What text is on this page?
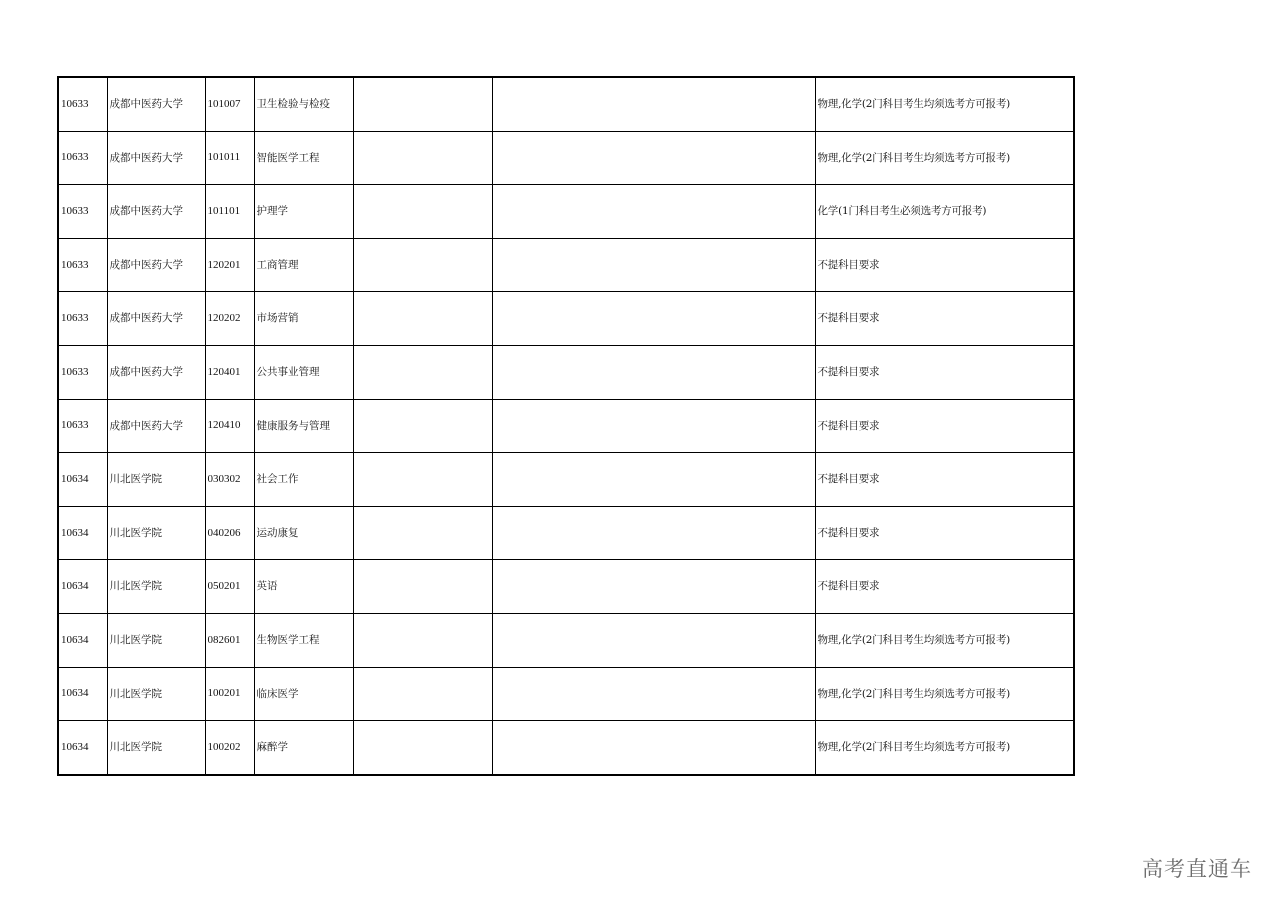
10633	成都中医药大学	101007	卫生检验与检疫			物理,化学(2门科目考生均须选考方可报考)
10633	成都中医药大学	101011	智能医学工程			物理,化学(2门科目考生均须选考方可报考)
10633	成都中医药大学	101101	护理学			化学(1门科目考生必须选考方可报考)
10633	成都中医药大学	120201	工商管理			不提科目要求
10633	成都中医药大学	120202	市场营销			不提科目要求
10633	成都中医药大学	120401	公共事业管理			不提科目要求
10633	成都中医药大学	120410	健康服务与管理			不提科目要求
10634	川北医学院	030302	社会工作			不提科目要求
10634	川北医学院	040206	运动康复			不提科目要求
10634	川北医学院	050201	英语			不提科目要求
10634	川北医学院	082601	生物医学工程			物理,化学(2门科目考生均须选考方可报考)
10634	川北医学院	100201	临床医学			物理,化学(2门科目考生均须选考方可报考)
10634	川北医学院	100202	麻醉学			物理,化学(2门科目考生均须选考方可报考)
高考直通车
